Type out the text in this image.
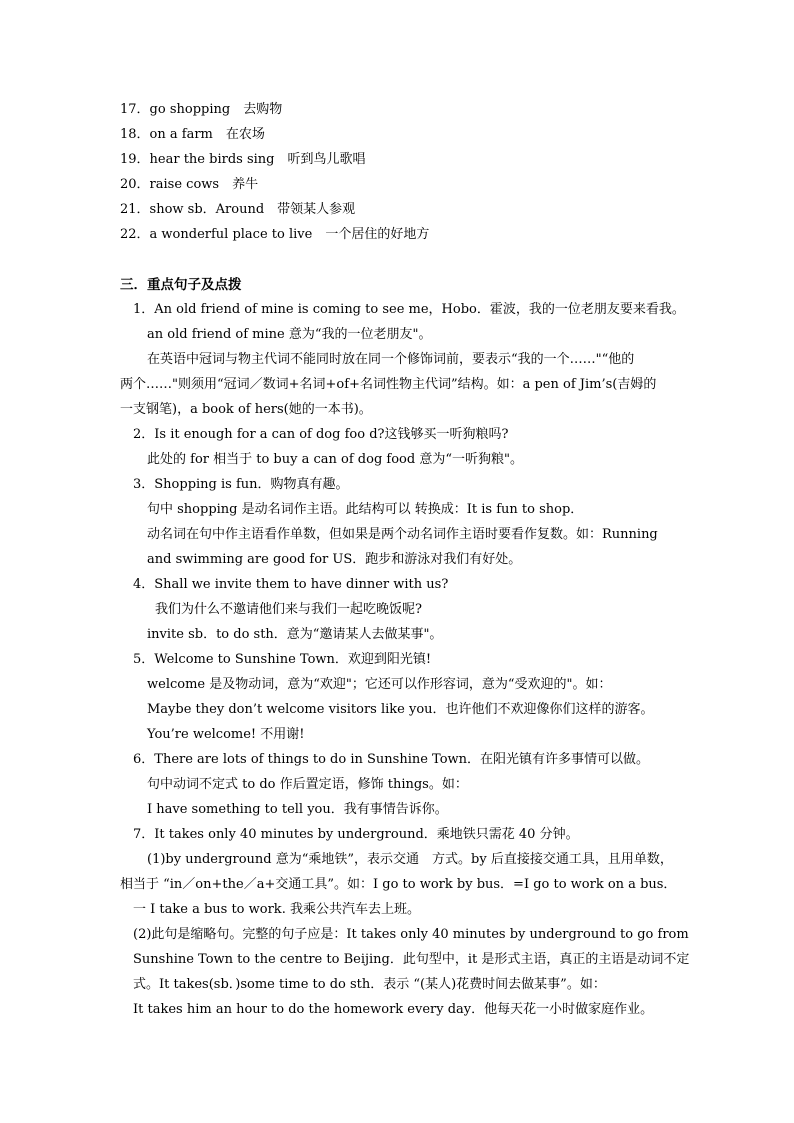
17．go shopping　去购物
18．on a farm　在农场
19．hear the birds sing　听到鸟儿歌唱
20．raise cows　养牛
21．show sb．Around　带领某人参观
22．a wonderful place to live　一个居住的好地方
三．重点句子及点拨
1．An old friend of mine is coming to see me，Hobo．霍波，我的一位老朋友要来看我。
an old friend of mine 意为“我的一位老朋友"。
在英语中冠词与物主代词不能同时放在同一个修饰词前，要表示“我的一个……"“他的
两个……"则须用“冠词／数词+名词+of+名词性物主代词”结构。如：a pen of Jim’s(吉姆的
一支钢笔)，a book of hers(她的一本书)。
2．Is it enough for a can of dog foo d?这钱够买一听狗粮吗?
此处的 for 相当于 to buy a can of dog food 意为“一听狗粮"。
3．Shopping is fun．购物真有趣。
句中 shopping 是动名词作主语。此结构可以 转换成：It is fun to shop．
动名词在句中作主语看作单数，但如果是两个动名词作主语时要看作复数。如：Running
and swimming are good for US．跑步和游泳对我们有好处。
4．Shall we invite them to have dinner with us?
我们为什么不邀请他们来与我们一起吃晚饭呢?
invite sb．to do sth．意为“邀请某人去做某事"。
5．Welcome to Sunshine Town．欢迎到阳光镇!
welcome 是及物动词，意为“欢迎"；它还可以作形容词，意为“受欢迎的"。如：
Maybe they don’t welcome visitors like you．也许他们不欢迎像你们这样的游客。
You’re welcome! 不用谢!
6．There are lots of things to do in Sunshine Town．在阳光镇有许多事情可以做。
句中动词不定式 to do 作后置定语，修饰 things。如：
I have something to tell you．我有事情告诉你。
7．It takes only 40 minutes by underground．乘地铁只需花 40 分钟。
(1)by underground 意为“乘地铁”，表示交通　方式。by 后直接接交通工具，且用单数，
相当于 “in／on+the／a+交通工具”。如：I go to work by bus．=I go to work on a bus．
一 I take a bus to work. 我乘公共汽车去上班。
(2)此句是缩略句。完整的句子应是：It takes only 40 minutes by underground to go from
Sunshine Town to the centre to Beijing．此句型中，it 是形式主语，真正的主语是动词不定
式。It takes(sb．)some time to do sth．表示 “(某人)花费时间去做某事”。如：
It takes him an hour to do the homework every day．他每天花一小时做家庭作业。
